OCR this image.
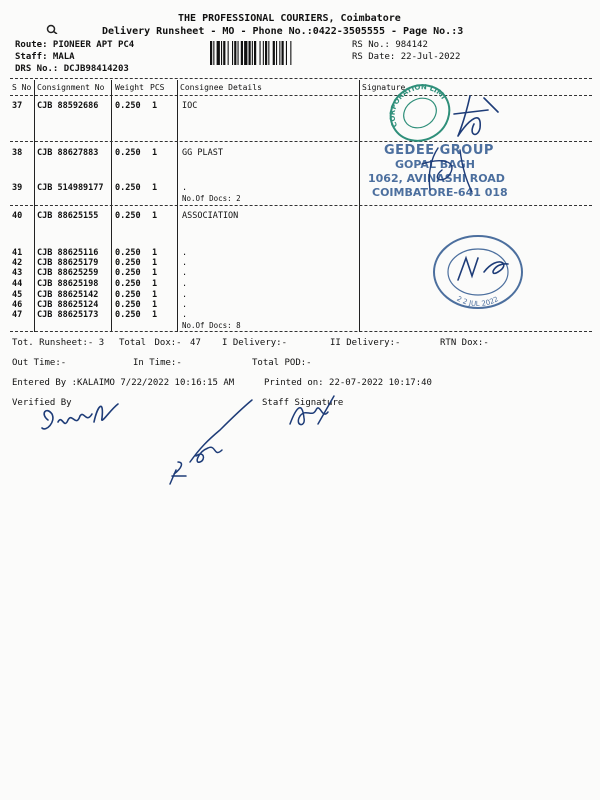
THE PROFESSIONAL COURIERS, Coimbatore
Delivery Runsheet - MO - Phone No.:0422-3505555 - Page No.:3
Route: PIONEER APT PC4
Staff: MALA
DRS No.: DCJB98414203
RS No.: 984142
RS Date: 22-Jul-2022
S No Consignment No Weight PCS Consignee Details	Signature
37 CJB 88592686 0.250 1	IOC
38 CJB 88627883 0.250 1	GG PLAST
39 CJB 514989177 0.250 1	.
No.Of Docs: 2
40 CJB 88625155 0.250 1	ASSOCIATION
41 CJB 88625116 0.250 1	.
42 CJB 88625179 0.250 1	.
43 CJB 88625259 0.250 1	.
44 CJB 88625198 0.250 1	.
45 CJB 88625142 0.250 1	.
46 CJB 88625124 0.250 1	.
47 CJB 88625173 0.250 1	.
No.Of Docs: 8
Tot. Runsheet:- 3 Total Dox:- 47 I Delivery:-	II Delivery:-	RTN Dox:-
Out Time:-	In Time:-	Total POD:-
Entered By :KALAIMO 7/22/2022 10:16:15 AM	Printed on: 22-07-2022 10:17:40
Verified By	Staff Signature
CORPORATION LIMITED
GEDEE GROUP
GOPAL BAGH
1062, AVINASHI ROAD
COIMBATORE-641 018
2 2 JUL 2022
